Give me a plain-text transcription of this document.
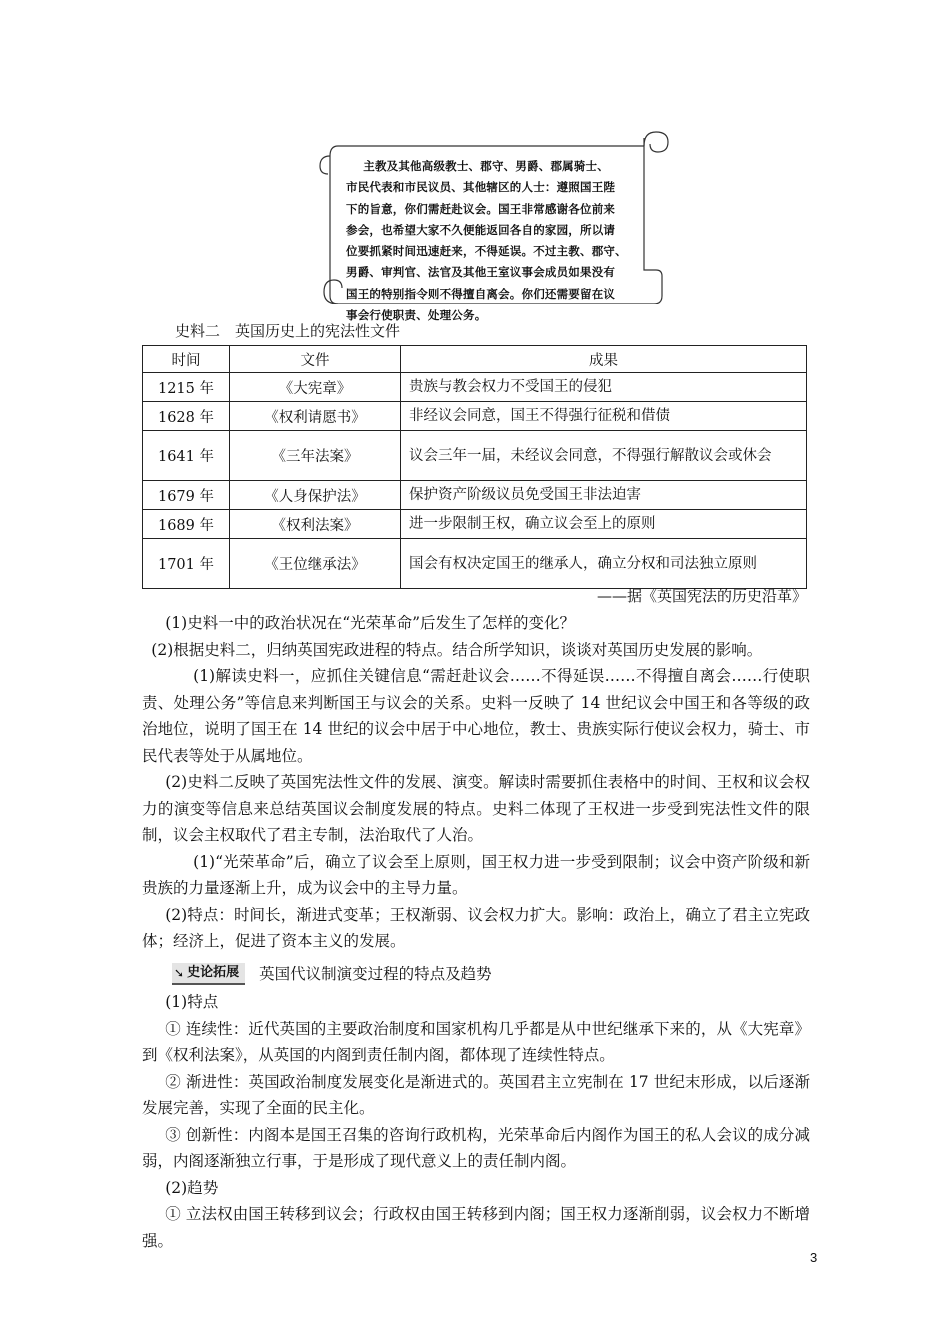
主教及其他高级教士、郡守、男爵、郡属骑士、

市民代表和市民议员、其他辖区的人士：遵照国王陛

下的旨意，你们需赶赴议会。国王非常感谢各位前来

参会，也希望大家不久便能返回各自的家园，所以请

位要抓紧时间迅速赶来，不得延误。不过主教、郡守、

男爵、审判官、法官及其他王室议事会成员如果没有

国王的特别指令则不得擅自离会。你们还需要留在议

事会行使职责、处理公务。

史料二　英国历史上的宪法性文件
时间	文件	成果
1215 年	《大宪章》	贵族与教会权力不受国王的侵犯
1628 年	《权利请愿书》	非经议会同意，国王不得强行征税和借债
1641 年	《三年法案》	议会三年一届，未经议会同意，不得强行解散议会或休会
1679 年	《人身保护法》	保护资产阶级议员免受国王非法迫害
1689 年	《权利法案》	进一步限制王权，确立议会至上的原则
1701 年	《王位继承法》	国会有权决定国王的继承人，确立分权和司法独立原则
——据《英国宪法的历史沿革》

(1)史料一中的政治状况在“光荣革命”后发生了怎样的变化？

(2)根据史料二，归纳英国宪政进程的特点。结合所学知识，谈谈对英国历史发展的影响。

(1)解读史料一，应抓住关键信息“需赶赴议会……不得延误……不得擅自离会……行使职责、处理公务”等信息来判断国王与议会的关系。史料一反映了 14 世纪议会中国王和各等级的政治地位，说明了国王在 14 世纪的议会中居于中心地位，教士、贵族实际行使议会权力，骑士、市民代表等处于从属地位。

(2)史料二反映了英国宪法性文件的发展、演变。解读时需要抓住表格中的时间、王权和议会权力的演变等信息来总结英国议会制度发展的特点。史料二体现了王权进一步受到宪法性文件的限制，议会主权取代了君主专制，法治取代了人治。

(1)“光荣革命”后，确立了议会至上原则，国王权力进一步受到限制；议会中资产阶级和新贵族的力量逐渐上升，成为议会中的主导力量。

(2)特点：时间长，渐进式变革；王权渐弱、议会权力扩大。影响：政治上，确立了君主立宪政体；经济上，促进了资本主义的发展。

➘ 史论拓展 英国代议制演变过程的特点及趋势

(1)特点

① 连续性：近代英国的主要政治制度和国家机构几乎都是从中世纪继承下来的，从《大宪章》到《权利法案》，从英国的内阁到责任制内阁，都体现了连续性特点。

② 渐进性：英国政治制度发展变化是渐进式的。英国君主立宪制在 17 世纪末形成，以后逐渐发展完善，实现了全面的民主化。

③ 创新性：内阁本是国王召集的咨询行政机构，光荣革命后内阁作为国王的私人会议的成分减弱，内阁逐渐独立行事，于是形成了现代意义上的责任制内阁。

(2)趋势

① 立法权由国王转移到议会；行政权由国王转移到内阁；国王权力逐渐削弱，议会权力不断增强。

3
